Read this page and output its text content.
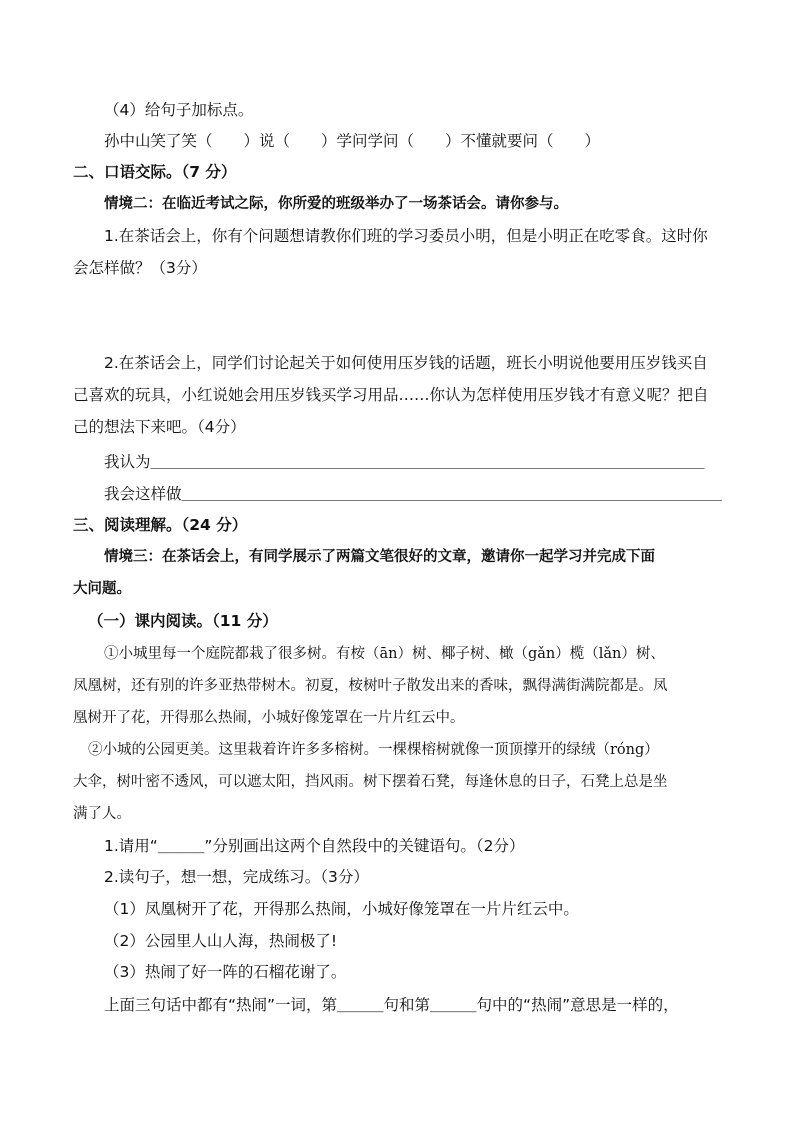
（4）给句子加标点。
孙中山笑了笑（　　）说（　　）学问学问（　　）不懂就要问（　　）
二、口语交际。（7 分）
情境二：在临近考试之际，你所爱的班级举办了一场茶话会。请你参与。
1.在茶话会上，你有个问题想请教你们班的学习委员小明，但是小明正在吃零食。这时你
会怎样做？（3分）
2.在茶话会上，同学们讨论起关于如何使用压岁钱的话题，班长小明说他要用压岁钱买自
己喜欢的玩具，小红说她会用压岁钱买学习用品……你认为怎样使用压岁钱才有意义呢？把自
己的想法下来吧。（4分）
我认为＿＿＿＿＿＿＿＿＿＿＿＿＿＿＿＿＿＿＿＿＿＿＿＿＿＿＿＿＿＿＿＿＿＿＿＿＿＿＿＿＿
我会这样做＿＿＿＿＿＿＿＿＿＿＿＿＿＿＿＿＿＿＿＿＿＿＿＿＿＿＿＿＿＿＿＿＿＿＿＿＿＿＿＿
三、阅读理解。（24 分）
情境三：在茶话会上，有同学展示了两篇文笔很好的文章，邀请你一起学习并完成下面
大问题。
（一）课内阅读。（11 分）
①小城里每一个庭院都栽了很多树。有桉（ān）树、椰子树、橄（gǎn）榄（lǎn）树、
凤凰树，还有别的许多亚热带树木。初夏，桉树叶子散发出来的香味，飘得满街满院都是。凤
凰树开了花，开得那么热闹，小城好像笼罩在一片片红云中。
②小城的公园更美。这里栽着许许多多榕树。一棵棵榕树就像一顶顶撑开的绿绒（róng）
大伞，树叶密不透风，可以遮太阳，挡风雨。树下摆着石凳，每逢休息的日子，石凳上总是坐
满了人。
1.请用“＿＿＿”分别画出这两个自然段中的关键语句。（2分）
2.读句子，想一想，完成练习。（3分）
（1）凤凰树开了花，开得那么热闹，小城好像笼罩在一片片红云中。
（2）公园里人山人海，热闹极了!
（3）热闹了好一阵的石榴花谢了。
上面三句话中都有“热闹”一词，第＿＿＿句和第＿＿＿句中的“热闹”意思是一样的，
